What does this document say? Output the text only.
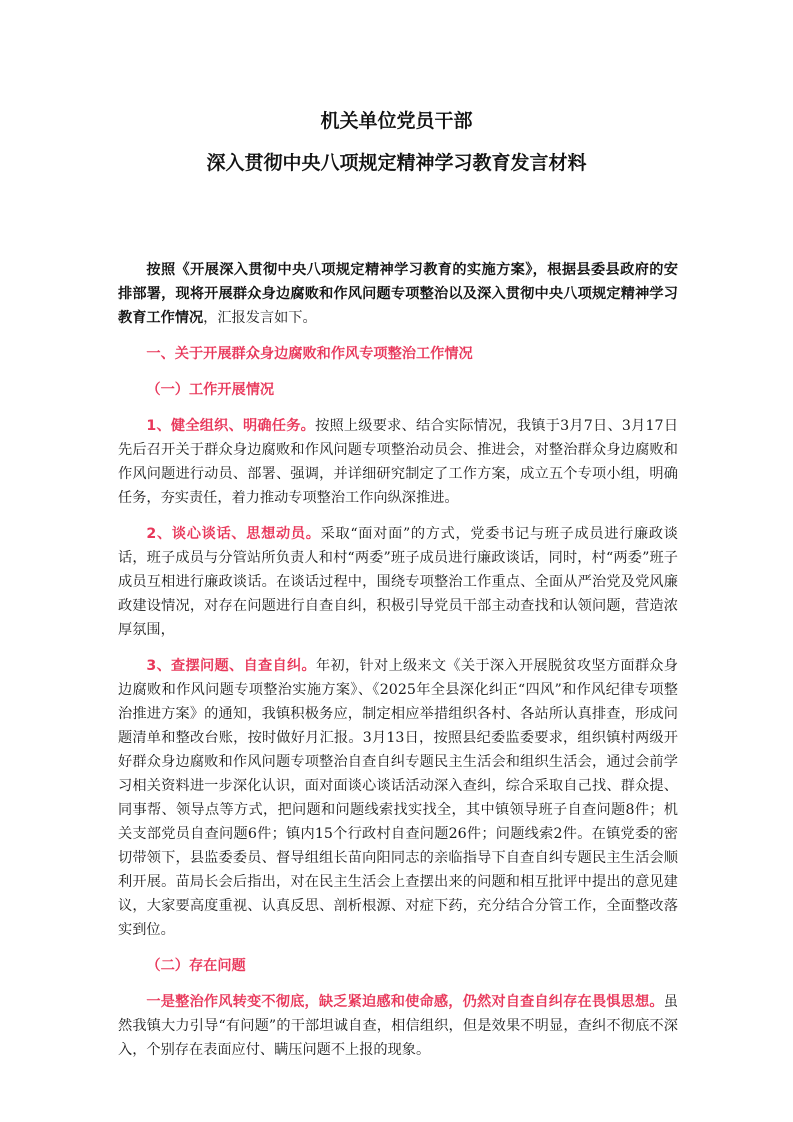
机关单位党员干部
深入贯彻中央八项规定精神学习教育发言材料

按照《开展深入贯彻中央八项规定精神学习教育的实施方案》，根据县委县政府的安排部署，现将开展群众身边腐败和作风问题专项整治以及深入贯彻中央八项规定精神学习教育工作情况，汇报发言如下。

一、关于开展群众身边腐败和作风专项整治工作情况

（一）工作开展情况

1、健全组织、明确任务。按照上级要求、结合实际情况，我镇于3月7日、3月17日先后召开关于群众身边腐败和作风问题专项整治动员会、推进会，对整治群众身边腐败和作风问题进行动员、部署、强调，并详细研究制定了工作方案，成立五个专项小组，明确任务，夯实责任，着力推动专项整治工作向纵深推进。

2、谈心谈话、思想动员。采取“面对面”的方式，党委书记与班子成员进行廉政谈话，班子成员与分管站所负责人和村“两委”班子成员进行廉政谈话，同时，村“两委”班子成员互相进行廉政谈话。在谈话过程中，围绕专项整治工作重点、全面从严治党及党风廉政建设情况，对存在问题进行自查自纠，积极引导党员干部主动查找和认领问题，营造浓厚氛围，

3、查摆问题、自查自纠。年初，针对上级来文《关于深入开展脱贫攻坚方面群众身边腐败和作风问题专项整治实施方案》、《2025年全县深化纠正“四风”和作风纪律专项整治推进方案》的通知，我镇积极务应，制定相应举措组织各村、各站所认真排查，形成问题清单和整改台账，按时做好月汇报。3月13日，按照县纪委监委要求，组织镇村两级开好群众身边腐败和作风问题专项整治自查自纠专题民主生活会和组织生活会，通过会前学习相关资料进一步深化认识，面对面谈心谈话活动深入查纠，综合采取自己找、群众提、同事帮、领导点等方式，把问题和问题线索找实找全，其中镇领导班子自查问题8件；机关支部党员自查问题6件；镇内15个行政村自查问题26件；问题线索2件。在镇党委的密切带领下，县监委委员、督导组组长苗向阳同志的亲临指导下自查自纠专题民主生活会顺利开展。苗局长会后指出，对在民主生活会上查摆出来的问题和相互批评中提出的意见建议，大家要高度重视、认真反思、剖析根源、对症下药，充分结合分管工作，全面整改落实到位。

（二）存在问题

一是整治作风转变不彻底，缺乏紧迫感和使命感，仍然对自查自纠存在畏惧思想。虽然我镇大力引导“有问题”的干部坦诚自查，相信组织，但是效果不明显，查纠不彻底不深入，个别存在表面应付、瞒压问题不上报的现象。
